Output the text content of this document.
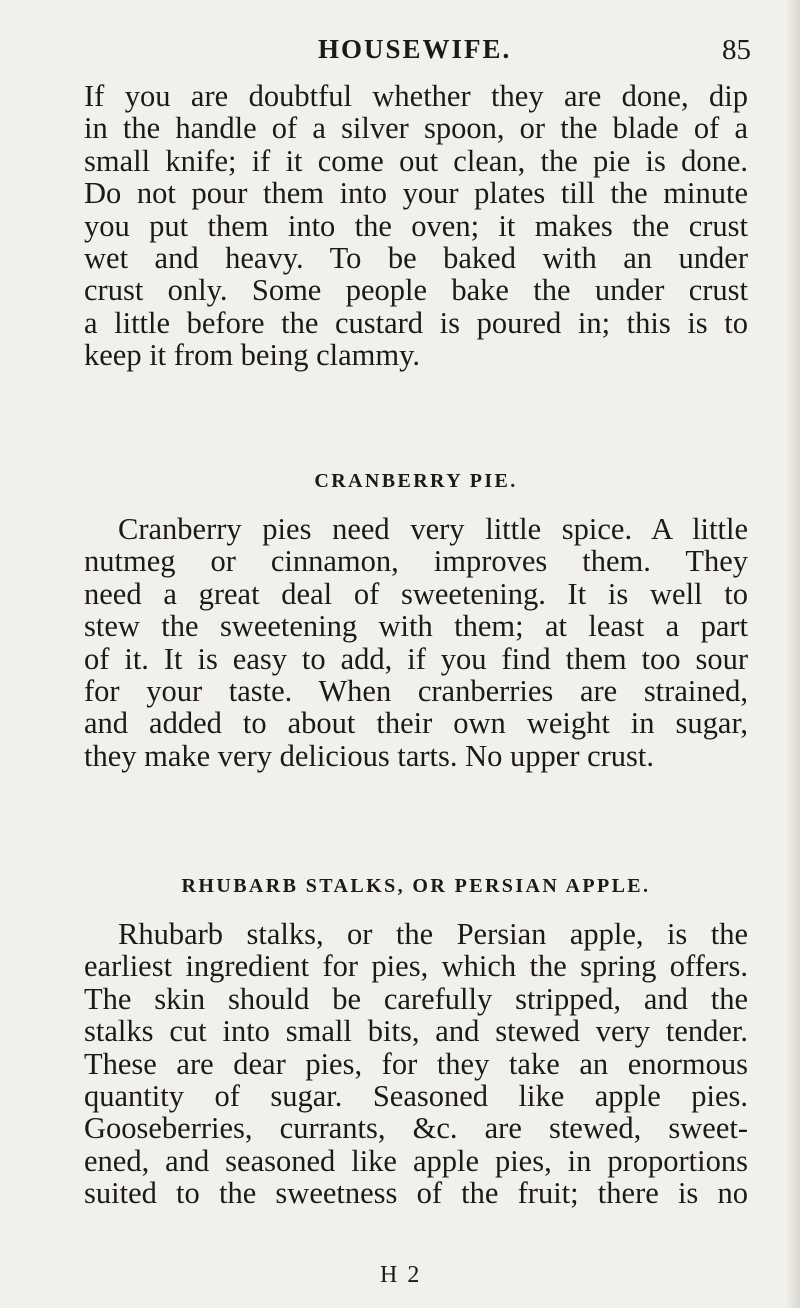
HOUSEWIFE.	85

If you are doubtful whether they are done, dip
in the handle of a silver spoon, or the blade of a
small knife; if it come out clean, the pie is done.
Do not pour them into your plates till the minute
you put them into the oven; it makes the crust
wet and heavy. To be baked with an under
crust only. Some people bake the under crust
a little before the custard is poured in; this is to
keep it from being clammy.

CRANBERRY PIE.

Cranberry pies need very little spice. A little
nutmeg or cinnamon, improves them. They
need a great deal of sweetening. It is well to
stew the sweetening with them; at least a part
of it. It is easy to add, if you find them too sour
for your taste. When cranberries are strained,
and added to about their own weight in sugar,
they make very delicious tarts. No upper crust.

RHUBARB STALKS, OR PERSIAN APPLE.

Rhubarb stalks, or the Persian apple, is the
earliest ingredient for pies, which the spring offers.
The skin should be carefully stripped, and the
stalks cut into small bits, and stewed very tender.
These are dear pies, for they take an enormous
quantity of sugar. Seasoned like apple pies.
Gooseberries, currants, &c. are stewed, sweet-
ened, and seasoned like apple pies, in proportions
suited to the sweetness of the fruit; there is no

H 2
